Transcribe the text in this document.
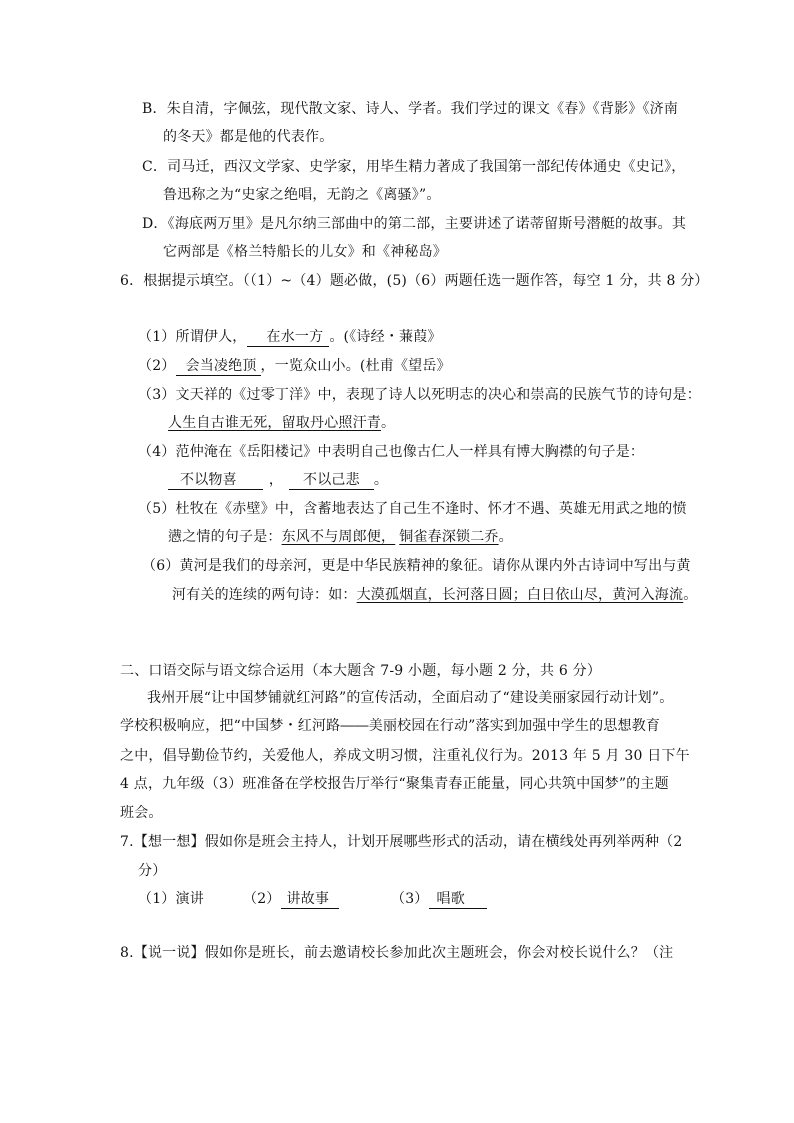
B．朱自清，字佩弦，现代散文家、诗人、学者。我们学过的课文《春》《背影》《济南
的冬天》都是他的代表作。
C．司马迁，西汉文学家、史学家，用毕生精力著成了我国第一部纪传体通史《史记》，
鲁迅称之为“史家之绝唱，无韵之《离骚》”。
D．《海底两万里》是凡尔纳三部曲中的第二部，主要讲述了诺蒂留斯号潜艇的故事。其
它两部是《格兰特船长的儿女》和《神秘岛》
6．根据提示填空。（（1）~（4）题必做，(5)（6）两题任选一题作答，每空 1 分，共 8 分）
（1）所谓伊人， 在水一方 。(《诗经・蒹葭》
（2） 会当凌绝顶 ，一览众山小。(杜甫《望岳》
（3）文天祥的《过零丁洋》中，表现了诗人以死明志的决心和崇高的民族气节的诗句是：
人生自古谁无死，留取丹心照汗青。
（4）范仲淹在《岳阳楼记》中表明自己也像古仁人一样具有博大胸襟的句子是：
不以物喜 ， 不以己悲 。
（5）杜牧在《赤壁》中，含蓄地表达了自己生不逢时、怀才不遇、英雄无用武之地的愤
懑之情的句子是：东风不与周郎便， 铜雀春深锁二乔。
（6）黄河是我们的母亲河，更是中华民族精神的象征。请你从课内外古诗词中写出与黄
河有关的连续的两句诗：如：大漠孤烟直，长河落日圆；白日依山尽，黄河入海流。
二、口语交际与语文综合运用（本大题含 7-9 小题，每小题 2 分，共 6 分）
我州开展“让中国梦铺就红河路”的宣传活动，全面启动了“建设美丽家园行动计划”。
学校积极响应，把“中国梦・红河路――美丽校园在行动”落实到加强中学生的思想教育
之中，倡导勤俭节约，关爱他人，养成文明习惯，注重礼仪行为。2013 年 5 月 30 日下午
4 点，九年级（3）班准备在学校报告厅举行“聚集青春正能量，同心共筑中国梦”的主题
班会。
7.【想一想】假如你是班会主持人，计划开展哪些形式的活动，请在横线处再列举两种（2
分）
（1）演讲	（2） 讲故事	（3） 唱歌
8.【说一说】假如你是班长，前去邀请校长参加此次主题班会，你会对校长说什么？（注
